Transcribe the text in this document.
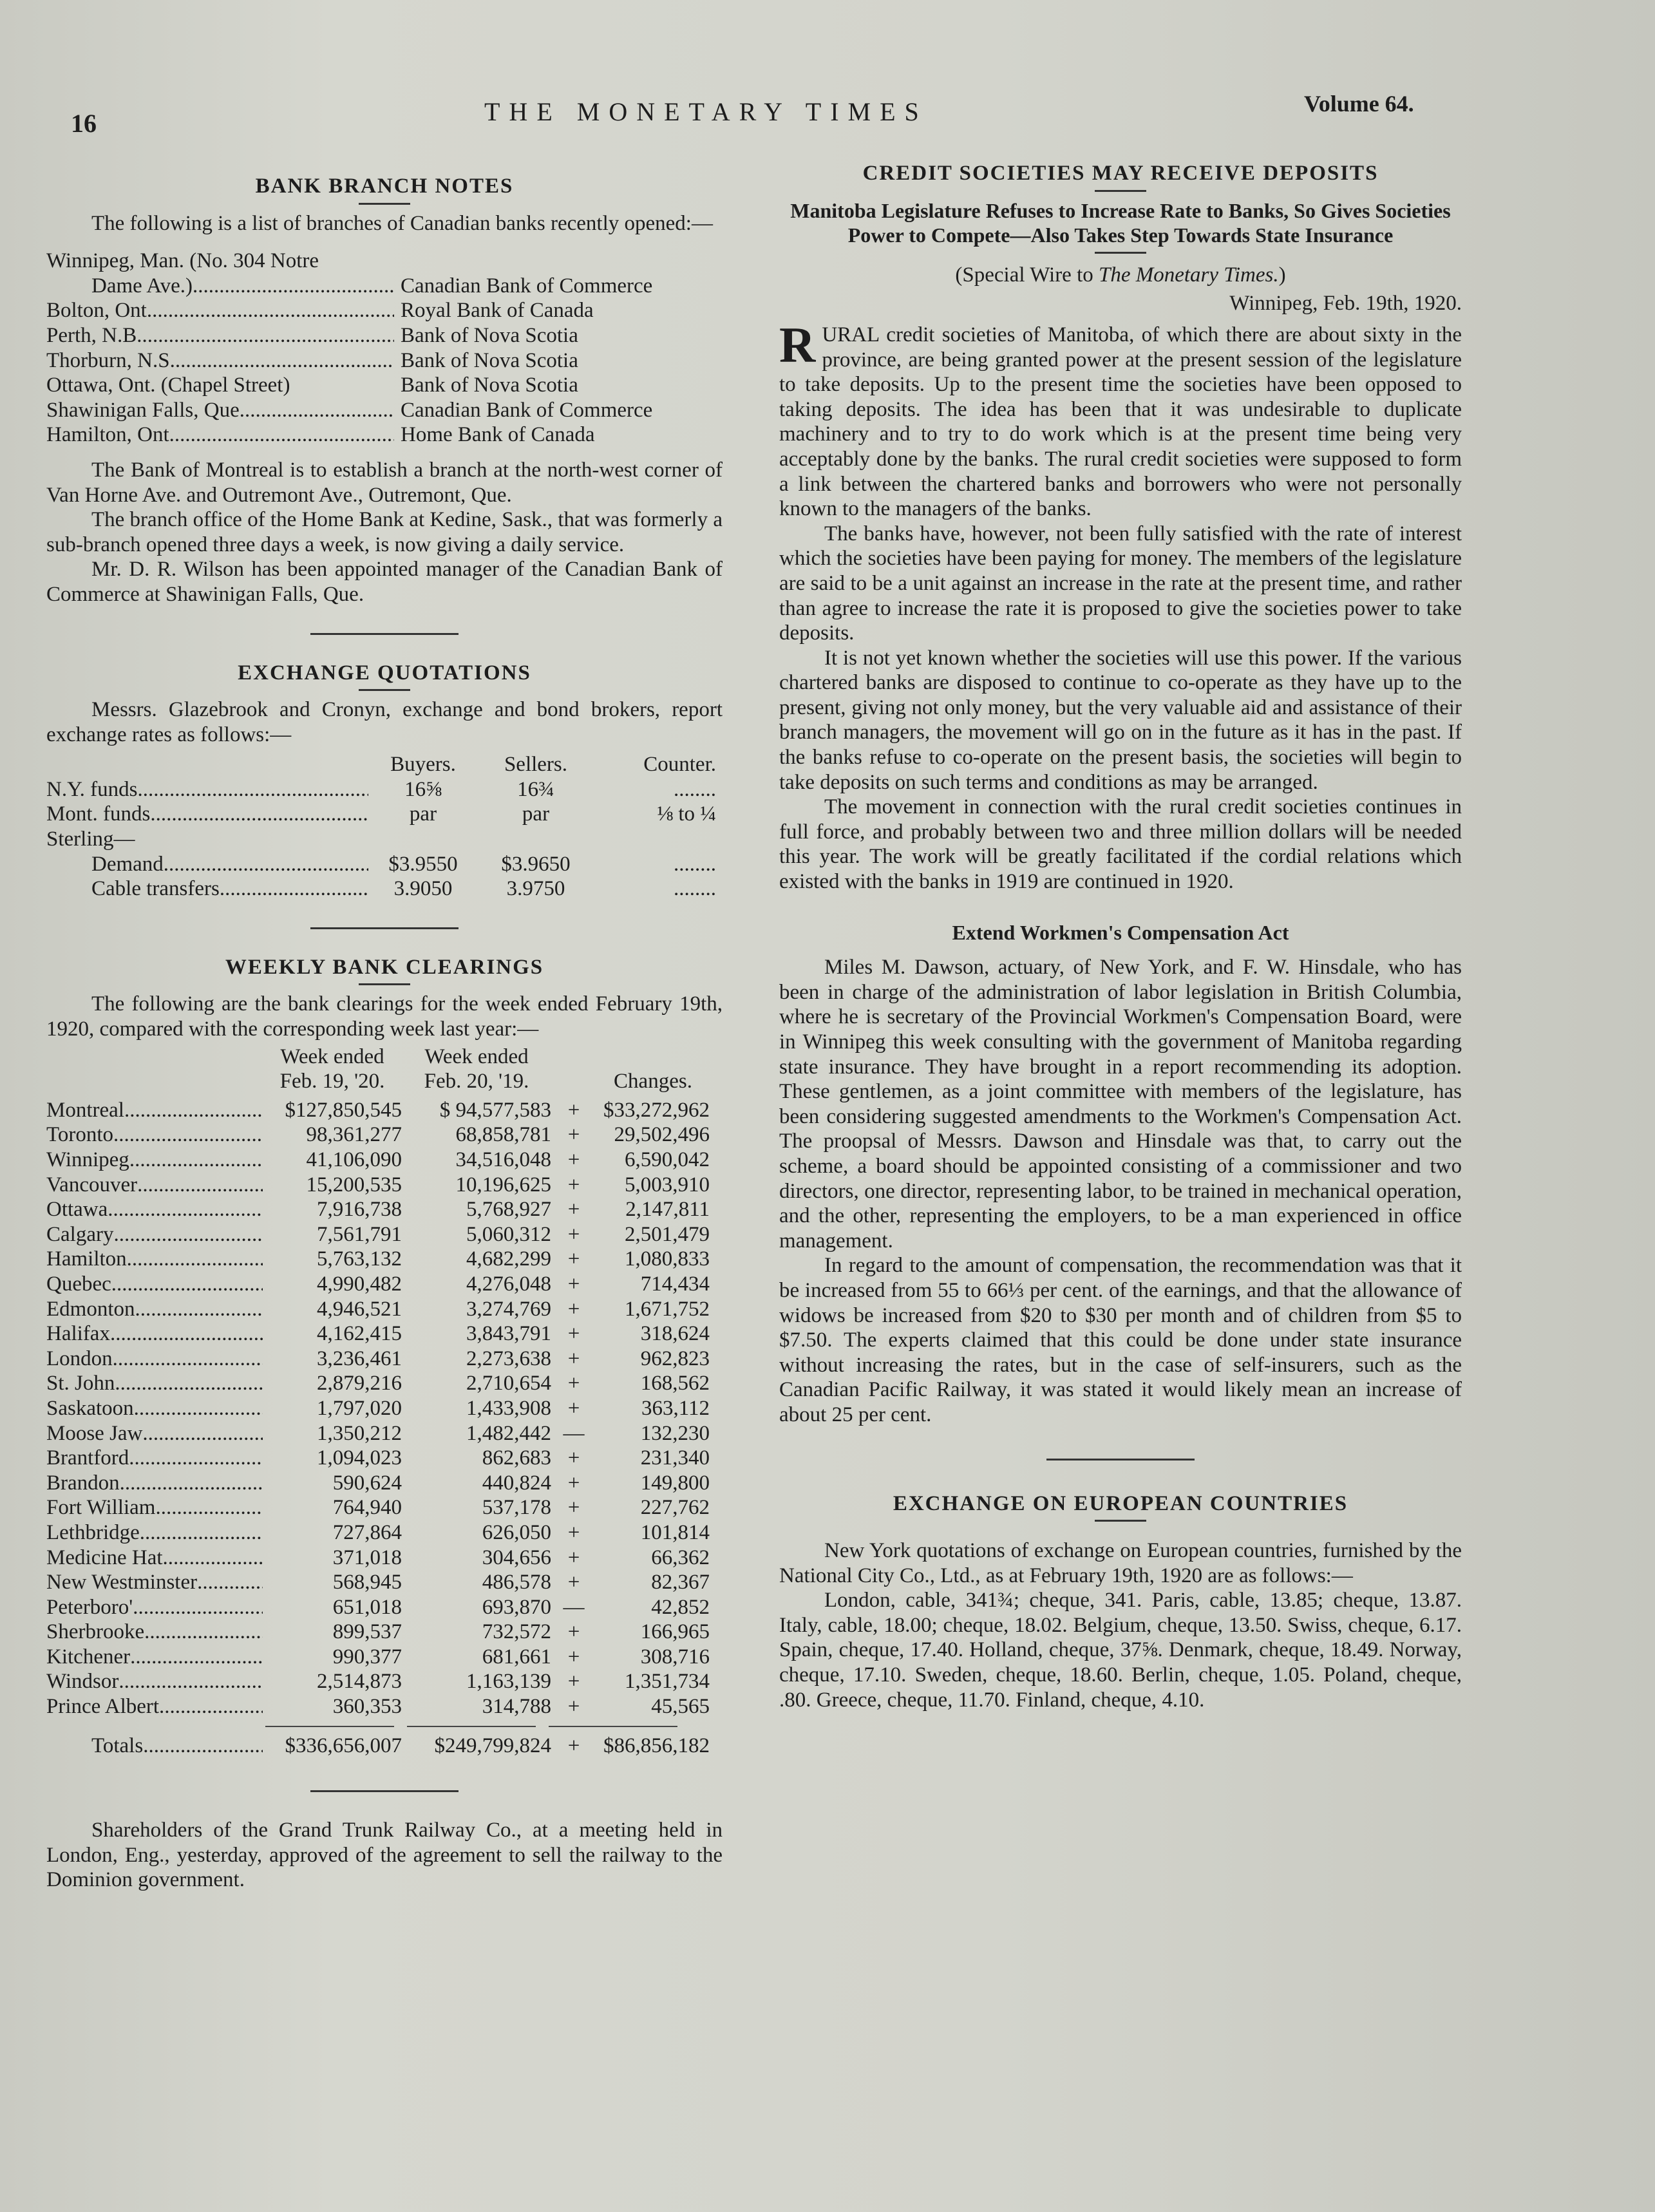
16	THE MONETARY TIMES	Volume 64.
BANK BRANCH NOTES

The following is a list of branches of Canadian banks recently opened:—

Winnipeg, Man. (No. 304 Notre
Dame Ave.) .....	Canadian Bank of Commerce
Bolton, Ont. .....	Royal Bank of Canada
Perth, N.B. .....	Bank of Nova Scotia
Thorburn, N.S. .....	Bank of Nova Scotia
Ottawa, Ont. (Chapel Street)	Bank of Nova Scotia
Shawinigan Falls, Que. .....	Canadian Bank of Commerce
Hamilton, Ont. .....	Home Bank of Canada

The Bank of Montreal is to establish a branch at the north-west corner of Van Horne Ave. and Outremont Ave., Outremont, Que.

The branch office of the Home Bank at Kedine, Sask., that was formerly a sub-branch opened three days a week, is now giving a daily service.

Mr. D. R. Wilson has been appointed manager of the Canadian Bank of Commerce at Shawinigan Falls, Que.

EXCHANGE QUOTATIONS

Messrs. Glazebrook and Cronyn, exchange and bond brokers, report exchange rates as follows:—

Buyers.	Sellers.	Counter.
N.Y. funds .....	16⅝	16¾	........
Mont. funds .....	par	par	⅛ to ¼
Sterling—
Demand .....	$3.9550	$3.9650	........
Cable transfers .....	3.9050	3.9750	........
WEEKLY BANK CLEARINGS

The following are the bank clearings for the week ended February 19th, 1920, compared with the corresponding week last year:—

Week ended	Week ended
Feb. 19, '20.	Feb. 20, '19.	Changes.
Montreal .....	$127,850,545	$ 94,577,583 +	$33,272,962
Toronto .....	98,361,277	68,858,781 +	29,502,496
Winnipeg .....	41,106,090	34,516,048 +	6,590,042
Vancouver .....	15,200,535	10,196,625 +	5,003,910
Ottawa .....	7,916,738	5,768,927 +	2,147,811
Calgary .....	7,561,791	5,060,312 +	2,501,479
Hamilton .....	5,763,132	4,682,299 +	1,080,833
Quebec .....	4,990,482	4,276,048 +	714,434
Edmonton .....	4,946,521	3,274,769 +	1,671,752
Halifax .....	4,162,415	3,843,791 +	318,624
London .....	3,236,461	2,273,638 +	962,823
St. John .....	2,879,216	2,710,654 +	168,562
Saskatoon .....	1,797,020	1,433,908 +	363,112
Moose Jaw .....	1,350,212	1,482,442 —	132,230
Brantford .....	1,094,023	862,683 +	231,340
Brandon .....	590,624	440,824 +	149,800
Fort William .....	764,940	537,178 +	227,762
Lethbridge .....	727,864	626,050 +	101,814
Medicine Hat .....	371,018	304,656 +	66,362
New Westminster .....	568,945	486,578 +	82,367
Peterboro' .....	651,018	693,870 —	42,852
Sherbrooke .....	899,537	732,572 +	166,965
Kitchener .....	990,377	681,661 +	308,716
Windsor .....	2,514,873	1,163,139 +	1,351,734
Prince Albert .....	360,353	314,788 +	45,565
Totals .....	$336,656,007	$249,799,824 +	$86,856,182

Shareholders of the Grand Trunk Railway Co., at a meeting held in London, Eng., yesterday, approved of the agreement to sell the railway to the Dominion government.

CREDIT SOCIETIES MAY RECEIVE DEPOSITS
Manitoba Legislature Refuses to Increase Rate to Banks, So Gives Societies Power to Compete—Also Takes Step Towards State Insurance
(Special Wire to The Monetary Times.)
Winnipeg, Feb. 19th, 1920.

RURAL credit societies of Manitoba, of which there are about sixty in the province, are being granted power at the present session of the legislature to take deposits. Up to the present time the societies have been opposed to taking deposits. The idea has been that it was undesirable to duplicate machinery and to try to do work which is at the present time being very acceptably done by the banks. The rural credit societies were supposed to form a link between the chartered banks and borrowers who were not personally known to the managers of the banks.

The banks have, however, not been fully satisfied with the rate of interest which the societies have been paying for money. The members of the legislature are said to be a unit against an increase in the rate at the present time, and rather than agree to increase the rate it is proposed to give the societies power to take deposits.

It is not yet known whether the societies will use this power. If the various chartered banks are disposed to continue to co-operate as they have up to the present, giving not only money, but the very valuable aid and assistance of their branch managers, the movement will go on in the future as it has in the past. If the banks refuse to co-operate on the present basis, the societies will begin to take deposits on such terms and conditions as may be arranged.

The movement in connection with the rural credit societies continues in full force, and probably between two and three million dollars will be needed this year. The work will be greatly facilitated if the cordial relations which existed with the banks in 1919 are continued in 1920.

Extend Workmen's Compensation Act

Miles M. Dawson, actuary, of New York, and F. W. Hinsdale, who has been in charge of the administration of labor legislation in British Columbia, where he is secretary of the Provincial Workmen's Compensation Board, were in Winnipeg this week consulting with the government of Manitoba regarding state insurance. They have brought in a report recommending its adoption. These gentlemen, as a joint committee with members of the legislature, has been considering suggested amendments to the Workmen's Compensation Act. The proopsal of Messrs. Dawson and Hinsdale was that, to carry out the scheme, a board should be appointed consisting of a commissioner and two directors, one director, representing labor, to be trained in mechanical operation, and the other, representing the employers, to be a man experienced in office management.

In regard to the amount of compensation, the recommendation was that it be increased from 55 to 66⅓ per cent. of the earnings, and that the allowance of widows be increased from $20 to $30 per month and of children from $5 to $7.50. The experts claimed that this could be done under state insurance without increasing the rates, but in the case of self-insurers, such as the Canadian Pacific Railway, it was stated it would likely mean an increase of about 25 per cent.

EXCHANGE ON EUROPEAN COUNTRIES

New York quotations of exchange on European countries, furnished by the National City Co., Ltd., as at February 19th, 1920 are as follows:—

London, cable, 341¾; cheque, 341. Paris, cable, 13.85; cheque, 13.87. Italy, cable, 18.00; cheque, 18.02. Belgium, cheque, 13.50. Swiss, cheque, 6.17. Spain, cheque, 17.40. Holland, cheque, 37⅝. Denmark, cheque, 18.49. Norway, cheque, 17.10. Sweden, cheque, 18.60. Berlin, cheque, 1.05. Poland, cheque, .80. Greece, cheque, 11.70. Finland, cheque, 4.10.
